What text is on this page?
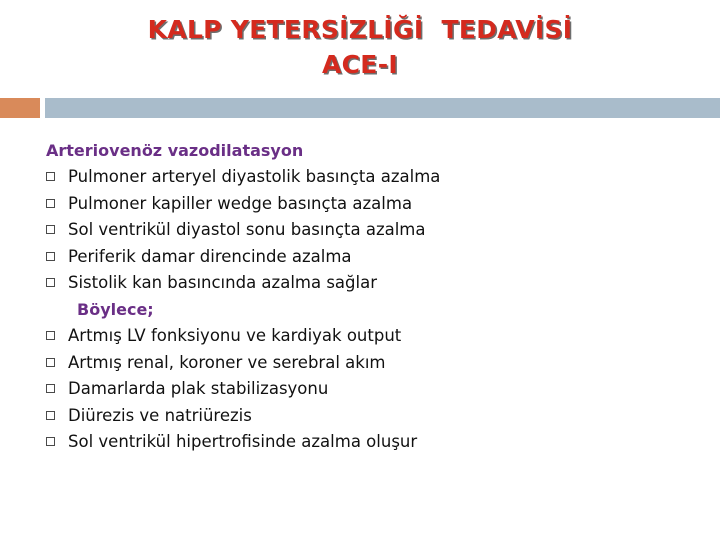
KALP YETERSİZLİĞİ  TEDAVİSİ
ACE-I
Arteriovenöz vazodilatasyon
Pulmoner arteryel diyastolik basınçta azalma
Pulmoner kapiller wedge basınçta azalma
Sol ventrikül diyastol sonu basınçta azalma
Periferik damar direncinde azalma
Sistolik kan basıncında azalma sağlar
Böylece;
Artmış LV fonksiyonu ve kardiyak output
Artmış renal, koroner ve serebral akım
Damarlarda plak stabilizasyonu
Diürezis ve natriürezis
Sol ventrikül hipertrofisinde azalma oluşur
